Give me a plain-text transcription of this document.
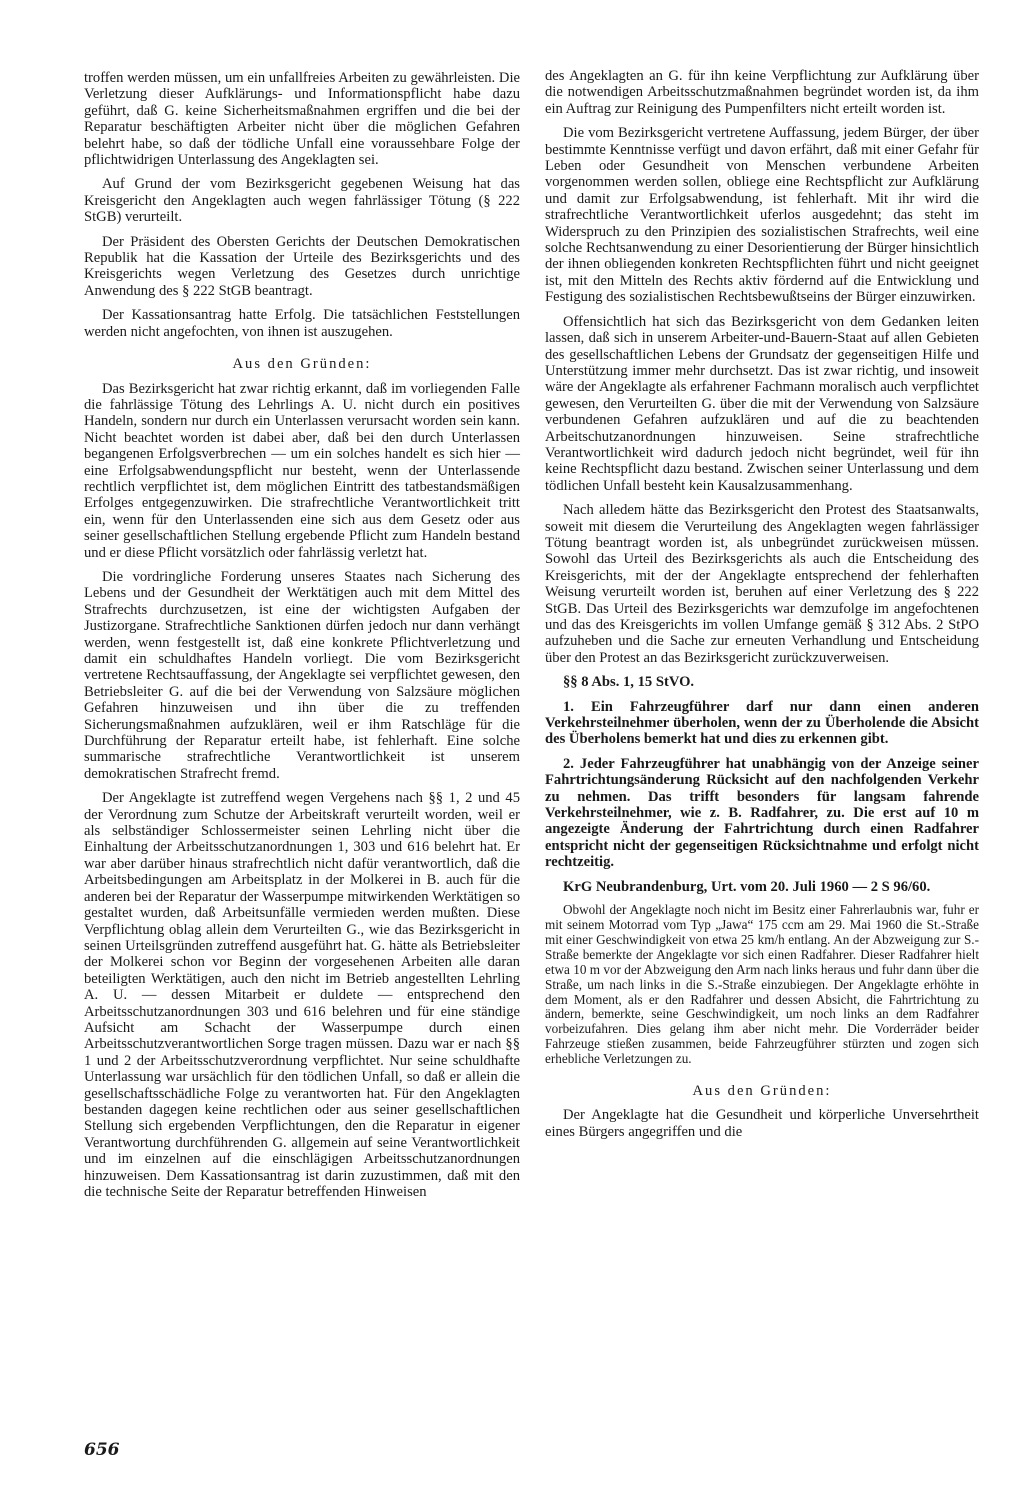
troffen werden müssen, um ein unfallfreies Arbeiten zu gewährleisten. Die Verletzung dieser Aufklärungs- und Informationspflicht habe dazu geführt, daß G. keine Sicherheitsmaßnahmen ergriffen und die bei der Reparatur beschäftigten Arbeiter nicht über die möglichen Gefahren belehrt habe, so daß der tödliche Unfall eine voraussehbare Folge der pflichtwidrigen Unterlassung des Angeklagten sei.

Auf Grund der vom Bezirksgericht gegebenen Weisung hat das Kreisgericht den Angeklagten auch wegen fahrlässiger Tötung (§ 222 StGB) verurteilt.

Der Präsident des Obersten Gerichts der Deutschen Demokratischen Republik hat die Kassation der Urteile des Bezirksgerichts und des Kreisgerichts wegen Verletzung des Gesetzes durch unrichtige Anwendung des § 222 StGB beantragt.

Der Kassationsantrag hatte Erfolg. Die tatsächlichen Feststellungen werden nicht angefochten, von ihnen ist auszugehen.

Aus den Gründen:

Das Bezirksgericht hat zwar richtig erkannt, daß im vorliegenden Falle die fahrlässige Tötung des Lehrlings A. U. nicht durch ein positives Handeln, sondern nur durch ein Unterlassen verursacht worden sein kann. Nicht beachtet worden ist dabei aber, daß bei den durch Unterlassen begangenen Erfolgsverbrechen — um ein solches handelt es sich hier — eine Erfolgsabwendungspflicht nur besteht, wenn der Unterlassende rechtlich verpflichtet ist, dem möglichen Eintritt des tatbestandsmäßigen Erfolges entgegenzuwirken. Die strafrechtliche Verantwortlichkeit tritt ein, wenn für den Unterlassenden eine sich aus dem Gesetz oder aus seiner gesellschaftlichen Stellung ergebende Pflicht zum Handeln bestand und er diese Pflicht vorsätzlich oder fahrlässig verletzt hat.

Die vordringliche Forderung unseres Staates nach Sicherung des Lebens und der Gesundheit der Werktätigen auch mit dem Mittel des Strafrechts durchzusetzen, ist eine der wichtigsten Aufgaben der Justizorgane. Strafrechtliche Sanktionen dürfen jedoch nur dann verhängt werden, wenn festgestellt ist, daß eine konkrete Pflichtverletzung und damit ein schuldhaftes Handeln vorliegt. Die vom Bezirksgericht vertretene Rechtsauffassung, der Angeklagte sei verpflichtet gewesen, den Betriebsleiter G. auf die bei der Verwendung von Salzsäure möglichen Gefahren hinzuweisen und ihn über die zu treffenden Sicherungsmaßnahmen aufzuklären, weil er ihm Ratschläge für die Durchführung der Reparatur erteilt habe, ist fehlerhaft. Eine solche summarische strafrechtliche Verantwortlichkeit ist unserem demokratischen Strafrecht fremd.

Der Angeklagte ist zutreffend wegen Vergehens nach §§ 1, 2 und 45 der Verordnung zum Schutze der Arbeitskraft verurteilt worden, weil er als selbständiger Schlossermeister seinen Lehrling nicht über die Einhaltung der Arbeitsschutzanordnungen 1, 303 und 616 belehrt hat. Er war aber darüber hinaus strafrechtlich nicht dafür verantwortlich, daß die Arbeitsbedingungen am Arbeitsplatz in der Molkerei in B. auch für die anderen bei der Reparatur der Wasserpumpe mitwirkenden Werktätigen so gestaltet wurden, daß Arbeitsunfälle vermieden werden mußten. Diese Verpflichtung oblag allein dem Verurteilten G., wie das Bezirksgericht in seinen Urteilsgründen zutreffend ausgeführt hat. G. hätte als Betriebsleiter der Molkerei schon vor Beginn der vorgesehenen Arbeiten alle daran beteiligten Werktätigen, auch den nicht im Betrieb angestellten Lehrling A. U. — dessen Mitarbeit er duldete — entsprechend den Arbeitsschutzanordnungen 303 und 616 belehren und für eine ständige Aufsicht am Schacht der Wasserpumpe durch einen Arbeitsschutzverantwortlichen Sorge tragen müssen. Dazu war er nach §§ 1 und 2 der Arbeitsschutzverordnung verpflichtet. Nur seine schuldhafte Unterlassung war ursächlich für den tödlichen Unfall, so daß er allein die gesellschaftsschädliche Folge zu verantworten hat. Für den Angeklagten bestanden dagegen keine rechtlichen oder aus seiner gesellschaftlichen Stellung sich ergebenden Verpflichtungen, den die Reparatur in eigener Verantwortung durchführenden G. allgemein auf seine Verantwortlichkeit und im einzelnen auf die einschlägigen Arbeitsschutzanordnungen hinzuweisen. Dem Kassationsantrag ist darin zuzustimmen, daß mit den die technische Seite der Reparatur betreffenden Hinweisen

des Angeklagten an G. für ihn keine Verpflichtung zur Aufklärung über die notwendigen Arbeitsschutzmaßnahmen begründet worden ist, da ihm ein Auftrag zur Reinigung des Pumpenfilters nicht erteilt worden ist.

Die vom Bezirksgericht vertretene Auffassung, jedem Bürger, der über bestimmte Kenntnisse verfügt und davon erfährt, daß mit einer Gefahr für Leben oder Gesundheit von Menschen verbundene Arbeiten vorgenommen werden sollen, obliege eine Rechtspflicht zur Aufklärung und damit zur Erfolgsabwendung, ist fehlerhaft. Mit ihr wird die strafrechtliche Verantwortlichkeit uferlos ausgedehnt; das steht im Widerspruch zu den Prinzipien des sozialistischen Strafrechts, weil eine solche Rechtsanwendung zu einer Desorientierung der Bürger hinsichtlich der ihnen obliegenden konkreten Rechtspflichten führt und nicht geeignet ist, mit den Mitteln des Rechts aktiv fördernd auf die Entwicklung und Festigung des sozialistischen Rechtsbewußtseins der Bürger einzuwirken.

Offensichtlich hat sich das Bezirksgericht von dem Gedanken leiten lassen, daß sich in unserem Arbeiter-und-Bauern-Staat auf allen Gebieten des gesellschaftlichen Lebens der Grundsatz der gegenseitigen Hilfe und Unterstützung immer mehr durchsetzt. Das ist zwar richtig, und insoweit wäre der Angeklagte als erfahrener Fachmann moralisch auch verpflichtet gewesen, den Verurteilten G. über die mit der Verwendung von Salzsäure verbundenen Gefahren aufzuklären und auf die zu beachtenden Arbeitschutzanordnungen hinzuweisen. Seine strafrechtliche Verantwortlichkeit wird dadurch jedoch nicht begründet, weil für ihn keine Rechtspflicht dazu bestand. Zwischen seiner Unterlassung und dem tödlichen Unfall besteht kein Kausalzusammenhang.

Nach alledem hätte das Bezirksgericht den Protest des Staatsanwalts, soweit mit diesem die Verurteilung des Angeklagten wegen fahrlässiger Tötung beantragt worden ist, als unbegründet zurückweisen müssen. Sowohl das Urteil des Bezirksgerichts als auch die Entscheidung des Kreisgerichts, mit der der Angeklagte entsprechend der fehlerhaften Weisung verurteilt worden ist, beruhen auf einer Verletzung des § 222 StGB. Das Urteil des Bezirksgerichts war demzufolge im angefochtenen und das des Kreisgerichts im vollen Umfange gemäß § 312 Abs. 2 StPO aufzuheben und die Sache zur erneuten Verhandlung und Entscheidung über den Protest an das Bezirksgericht zurückzuverweisen.

§§ 8 Abs. 1, 15 StVO.

1. Ein Fahrzeugführer darf nur dann einen anderen Verkehrsteilnehmer überholen, wenn der zu Überholende die Absicht des Überholens bemerkt hat und dies zu erkennen gibt.

2. Jeder Fahrzeugführer hat unabhängig von der Anzeige seiner Fahrtrichtungsänderung Rücksicht auf den nachfolgenden Verkehr zu nehmen. Das trifft besonders für langsam fahrende Verkehrsteilnehmer, wie z. B. Radfahrer, zu. Die erst auf 10 m angezeigte Änderung der Fahrtrichtung durch einen Radfahrer entspricht nicht der gegenseitigen Rücksichtnahme und erfolgt nicht rechtzeitig.

KrG Neubrandenburg, Urt. vom 20. Juli 1960 — 2 S 96/60.

Obwohl der Angeklagte noch nicht im Besitz einer Fahrerlaubnis war, fuhr er mit seinem Motorrad vom Typ „Jawa“ 175 ccm am 29. Mai 1960 die St.-Straße mit einer Geschwindigkeit von etwa 25 km/h entlang. An der Abzweigung zur S.-Straße bemerkte der Angeklagte vor sich einen Radfahrer. Dieser Radfahrer hielt etwa 10 m vor der Abzweigung den Arm nach links heraus und fuhr dann über die Straße, um nach links in die S.-Straße einzubiegen. Der Angeklagte erhöhte in dem Moment, als er den Radfahrer und dessen Absicht, die Fahrtrichtung zu ändern, bemerkte, seine Geschwindigkeit, um noch links an dem Radfahrer vorbeizufahren. Dies gelang ihm aber nicht mehr. Die Vorderräder beider Fahrzeuge stießen zusammen, beide Fahrzeugführer stürzten und zogen sich erhebliche Verletzungen zu.

Aus den Gründen:

Der Angeklagte hat die Gesundheit und körperliche Unversehrtheit eines Bürgers angegriffen und die

656
